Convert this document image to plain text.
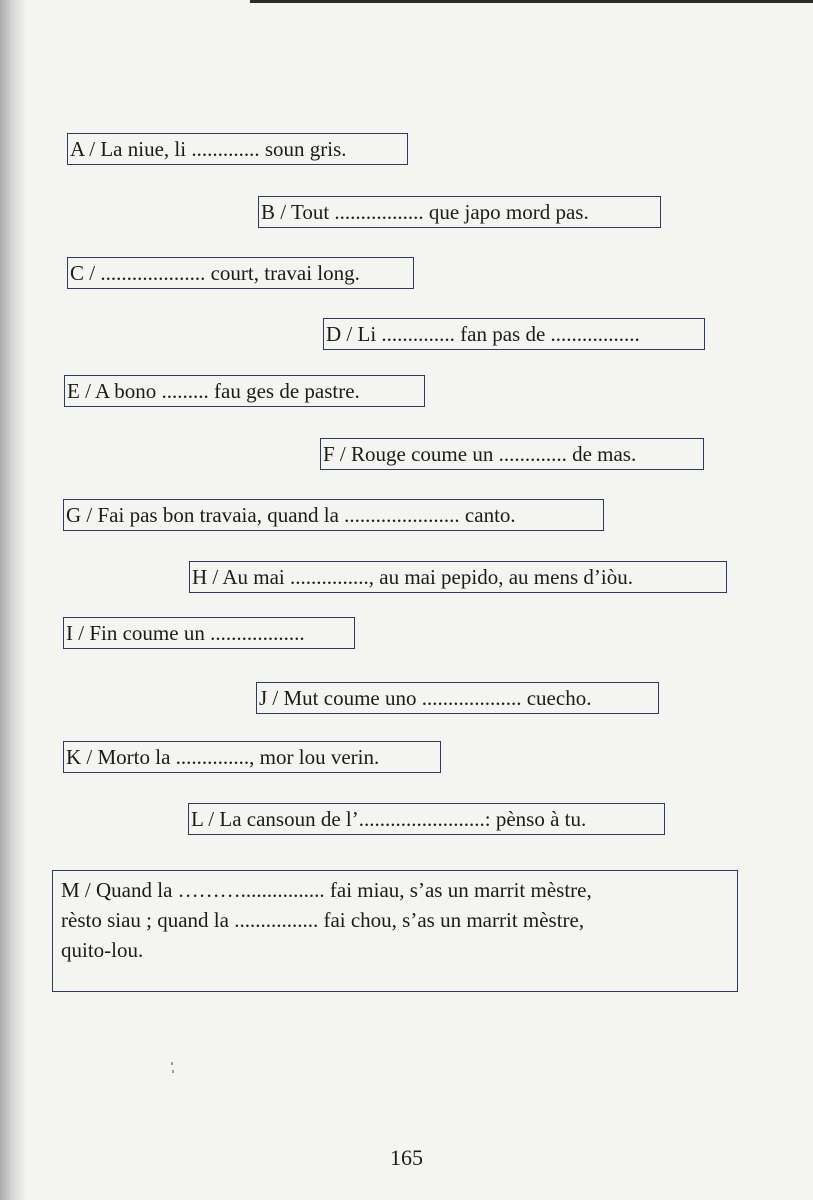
A / La niue, li ............. soun gris.
B / Tout ................. que japo mord pas.
C / .................... court, travai long.
D / Li .............. fan pas de .................
E / A bono ......... fau ges de pastre.
F / Rouge coume un ............. de mas.
G / Fai pas bon travaia, quand la ...................... canto.
H / Au mai ..............., au mai pepido, au mens d’iòu.
I / Fin coume un ..................
J / Mut coume uno ................... cuecho.
K / Morto la .............., mor lou verin.
L / La cansoun de l’........................: pènso à tu.
M / Quand la ………................ fai miau, s’as un marrit mèstre,
rèsto siau ; quand la ................ fai chou, s’as un marrit mèstre,
quito-lou.
165
